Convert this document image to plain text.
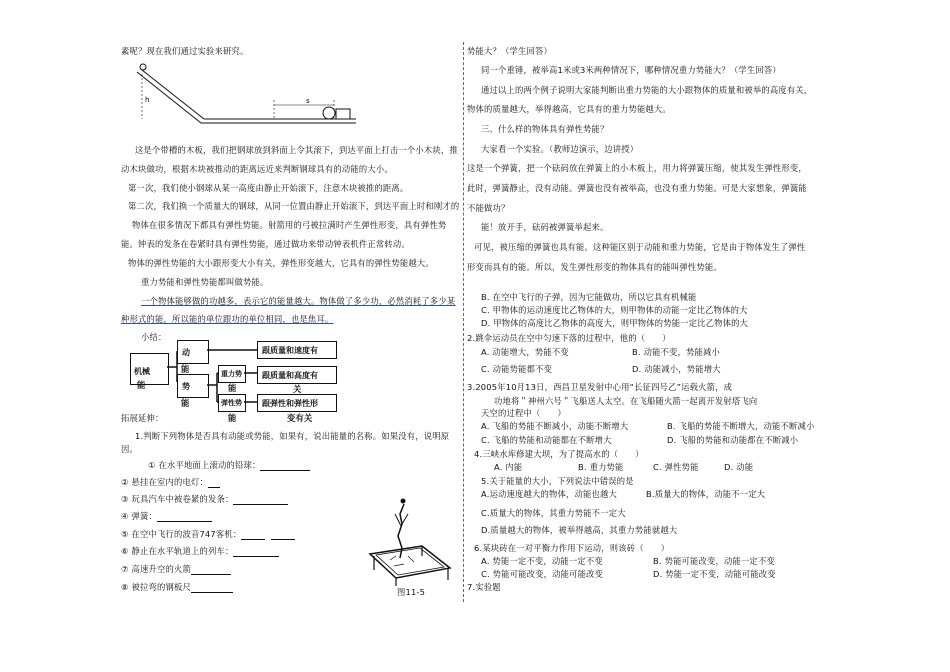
素呢？现在我们通过实验来研究。
h	s
这是个带槽的木板，我们把钢球放到斜面上令其滚下，到达平面上打击一个小木块，推
动木块做功，根据木块被推动的距离远近来判断钢球具有的动能的大小。
第一次，我们使小钢球从某一高度由静止开始滚下，注意木块被推的距离。
第二次，我们换一个质量大的钢球，从同一位置由静止开始滚下，到达平面上时和刚才的
物体在很多情况下都具有弹性势能。射箭用的弓被拉满时产生弹性形变，具有弹性势
能。钟表的发条在卷紧时具有弹性势能，通过做功来带动钟表机件正常转动。
物体的弹性势能的大小跟形变大小有关，弹性形变越大，它具有的弹性势能越大。
重力势能和弹性势能都叫做势能。
一个物体能够做的功越多，表示它的能量越大。物体做了多少功，必然消耗了多少某
种形式的能，所以能的单位跟功的单位相同，也是焦耳。
小结：
机械
能
动
能
势
能
重力势
能
弹性势
能
跟质量和速度有
跟质量和高度有
关
跟弹性和弹性形
变有关
拓展延伸：
1.判断下列物体是否具有动能或势能，如果有，说出能量的名称。如果没有，说明原
因。
① 在水平地面上滚动的铅球：
② 悬挂在室内的电灯：
③ 玩具汽车中被卷紧的发条：
④ 弹簧：
⑤ 在空中飞行的波音747客机：
⑥ 静止在水平轨道上的列车：
⑦ 高速升空的火箭
⑧ 被拉弯的钢板尺	图11-5
势能大？（学生回答）
同一个重锤，被举高1米或3米两种情况下，哪种情况重力势能大？（学生回答）
通过以上的两个例子说明大家能判断出重力势能的大小跟物体的质量和被举的高度有关，
物体的质量越大，举得越高，它具有的重力势能越大。
三、什么样的物体具有弹性势能？
大家看一个实验。（教师边演示，边讲授）
这是一个弹簧，把一个砝码放在弹簧上的小木板上，用力将弹簧压缩，使其发生弹性形变，
此时，弹簧静止，没有动能。弹簧也没有被举高，也没有重力势能。可是大家想象，弹簧能
不能做功？
能！放开手，砝码被弹簧举起来。
可见，被压缩的弹簧也具有能。这种能区别于动能和重力势能，它是由于物体发生了弹性
形变而具有的能。所以，发生弹性形变的物体具有的能叫弹性势能。
B. 在空中飞行的子弹，因为它能做功，所以它具有机械能
C. 甲物体的运动速度比乙物体的大，则甲物体的动能一定比乙物体的大
D. 甲物体的高度比乙物体的高度大，则甲物体的势能一定比乙物体的大
2.跳伞运动员在空中匀速下落的过程中，他的（　　）
A. 动能增大，势能不变	B. 动能不变，势能减小
C. 动能势能都不变	D. 动能减小，势能增大
3.2005年10月13日，西昌卫星发射中心用“长征四号乙”运载火箭，成
功地将＂神州六号＂飞船送人太空。在飞船随火箭一起离开发射塔飞向
天空的过程中（　　）
A. 飞船的势能不断减小，动能不断增大	B. 飞船的势能不断增大，动能不断减小
C. 飞船的势能和动能都在不断增大	D. 飞船的势能和动能都在不断减小
4.三峡水库修建大坝，为了提高水的（　　）
A. 内能	B. 重力势能	C. 弹性势能	D. 动能
5.关于能量的大小，下列说法中错误的是
A.运动速度越大的物体，动能也越大	B.质量大的物体，动能不一定大
C.质量大的物体，其重力势能不一定大
D.质量越大的物体，被举得越高，其重力势能就越大
6.某块砖在一对平衡力作用下运动，则该砖（　　）
A. 势能一定不变，动能一定不变	B. 势能可能改变，动能一定不变
C. 势能可能改变，动能可能改变	D. 势能一定不变，动能可能改变
7.实验题
